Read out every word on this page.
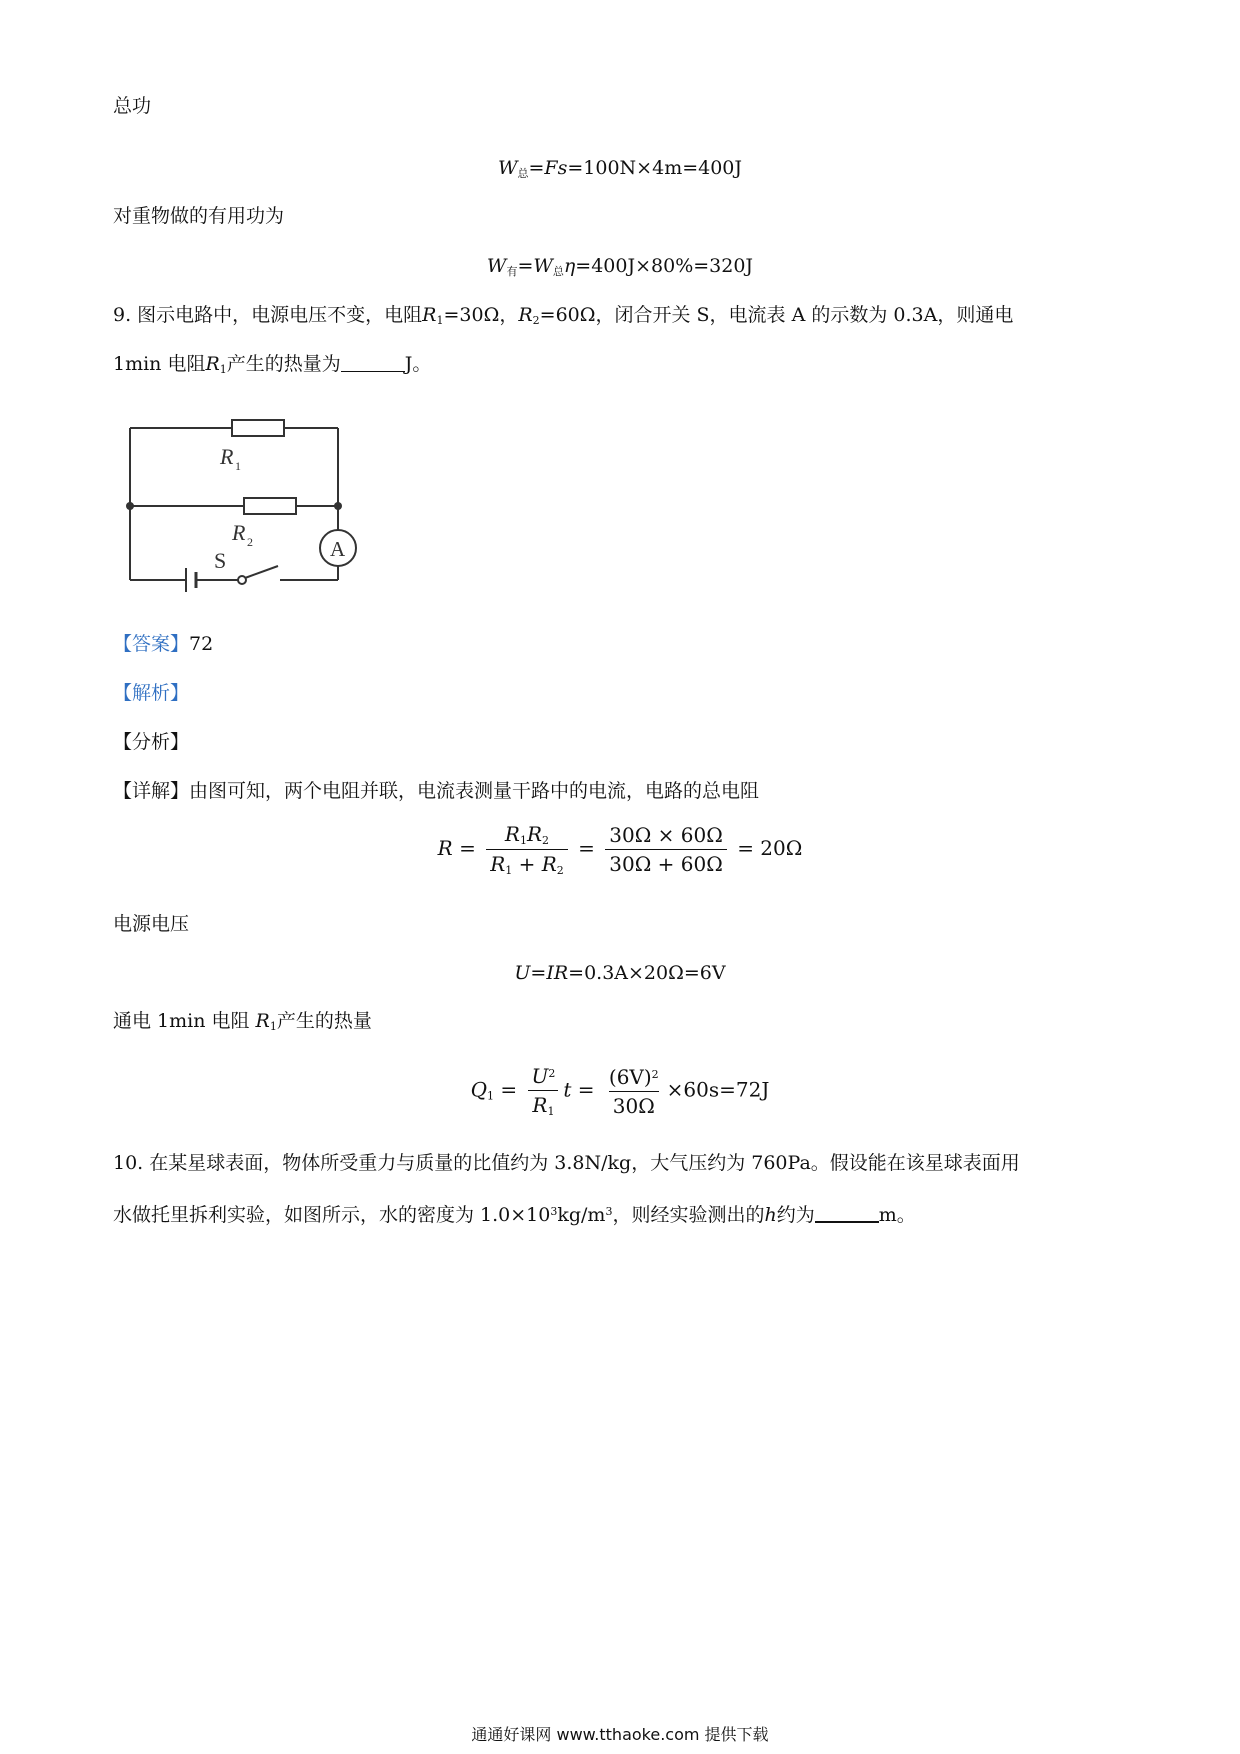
总功
$W_总=Fs=100N\times 4m=400J$
对重物做的有用功为
$W_有=W_总\eta=400J\times 80\%=320J$
9. 图示电路中，电源电压不变，电阻$R_1=30\Omega$，$R_2=60\Omega$，闭合开关 S，电流表 A 的示数为 0.3A，则通电
1min 电阻$R_1$产生的热量为	J。
R 1
R 2
S	A
【答案】72
【解析】
【分析】
【详解】由图可知，两个电阻并联，电流表测量干路中的电流，电路的总电阻
$R = \frac{R_1R_2}{R_1 + R_2} = \frac{30\Omega \times 60\Omega}{30\Omega + 60\Omega} = 20\Omega$
电源电压
U=IR=0.3A×20Ω=6V
通电 1min 电阻 $R_1$产生的热量
$Q_1 = \frac{U^2}{R_1}$ $t = \frac{(6V)^2}{30\Omega} \times 60s=72J$
10. 在某星球表面，物体所受重力与质量的比值约为 3.8N/kg，大气压约为 760Pa。假设能在该星球表面用
水做托里拆利实验，如图所示，水的密度为 $1.0\times 10^3kg/m^3$，则经实验测出的h约为	m。
通通好课网 www.tthaoke.com 提供下载
